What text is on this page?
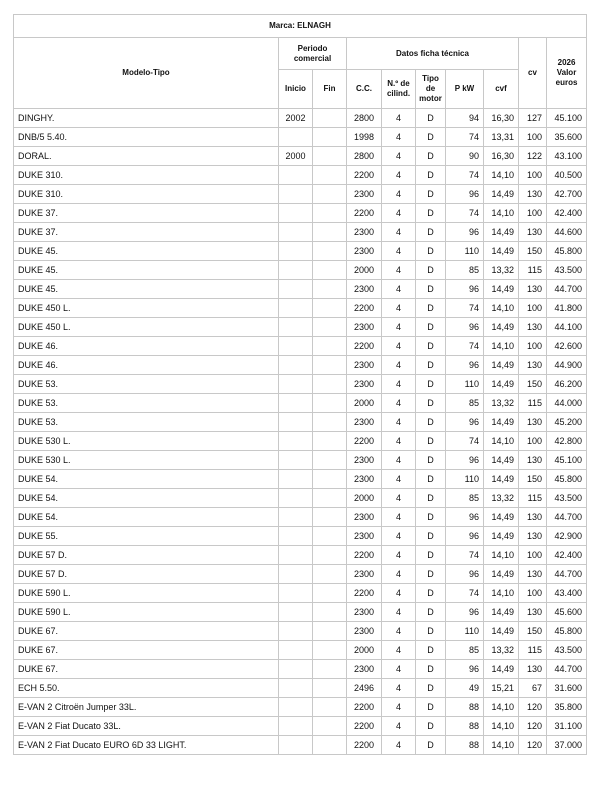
Marca: ELNAGH									
Modelo-Tipo	Periodo comercial		Datos ficha técnica					cv	2026 Valor euros
	Inicio	Fin	C.C.	N.º de cilind.	Tipo de motor	P kW	cvf		
DINGHY.	2002		2800	4	D	94	16,30	127	45.100
DNB/5 5.40.			1998	4	D	74	13,31	100	35.600
DORAL.	2000		2800	4	D	90	16,30	122	43.100
DUKE 310.			2200	4	D	74	14,10	100	40.500
DUKE 310.			2300	4	D	96	14,49	130	42.700
DUKE 37.			2200	4	D	74	14,10	100	42.400
DUKE 37.			2300	4	D	96	14,49	130	44.600
DUKE 45.			2300	4	D	110	14,49	150	45.800
DUKE 45.			2000	4	D	85	13,32	115	43.500
DUKE 45.			2300	4	D	96	14,49	130	44.700
DUKE 450 L.			2200	4	D	74	14,10	100	41.800
DUKE 450 L.			2300	4	D	96	14,49	130	44.100
DUKE 46.			2200	4	D	74	14,10	100	42.600
DUKE 46.			2300	4	D	96	14,49	130	44.900
DUKE 53.			2300	4	D	110	14,49	150	46.200
DUKE 53.			2000	4	D	85	13,32	115	44.000
DUKE 53.			2300	4	D	96	14,49	130	45.200
DUKE 530 L.			2200	4	D	74	14,10	100	42.800
DUKE 530 L.			2300	4	D	96	14,49	130	45.100
DUKE 54.			2300	4	D	110	14,49	150	45.800
DUKE 54.			2000	4	D	85	13,32	115	43.500
DUKE 54.			2300	4	D	96	14,49	130	44.700
DUKE 55.			2300	4	D	96	14,49	130	42.900
DUKE 57 D.			2200	4	D	74	14,10	100	42.400
DUKE 57 D.			2300	4	D	96	14,49	130	44.700
DUKE 590 L.			2200	4	D	74	14,10	100	43.400
DUKE 590 L.			2300	4	D	96	14,49	130	45.600
DUKE 67.			2300	4	D	110	14,49	150	45.800
DUKE 67.			2000	4	D	85	13,32	115	43.500
DUKE 67.			2300	4	D	96	14,49	130	44.700
ECH 5.50.			2496	4	D	49	15,21	67	31.600
E-VAN 2 Citroën Jumper 33L.			2200	4	D	88	14,10	120	35.800
E-VAN 2 Fiat Ducato 33L.			2200	4	D	88	14,10	120	31.100
E-VAN 2 Fiat Ducato EURO 6D 33 LIGHT.			2200	4	D	88	14,10	120	37.000
